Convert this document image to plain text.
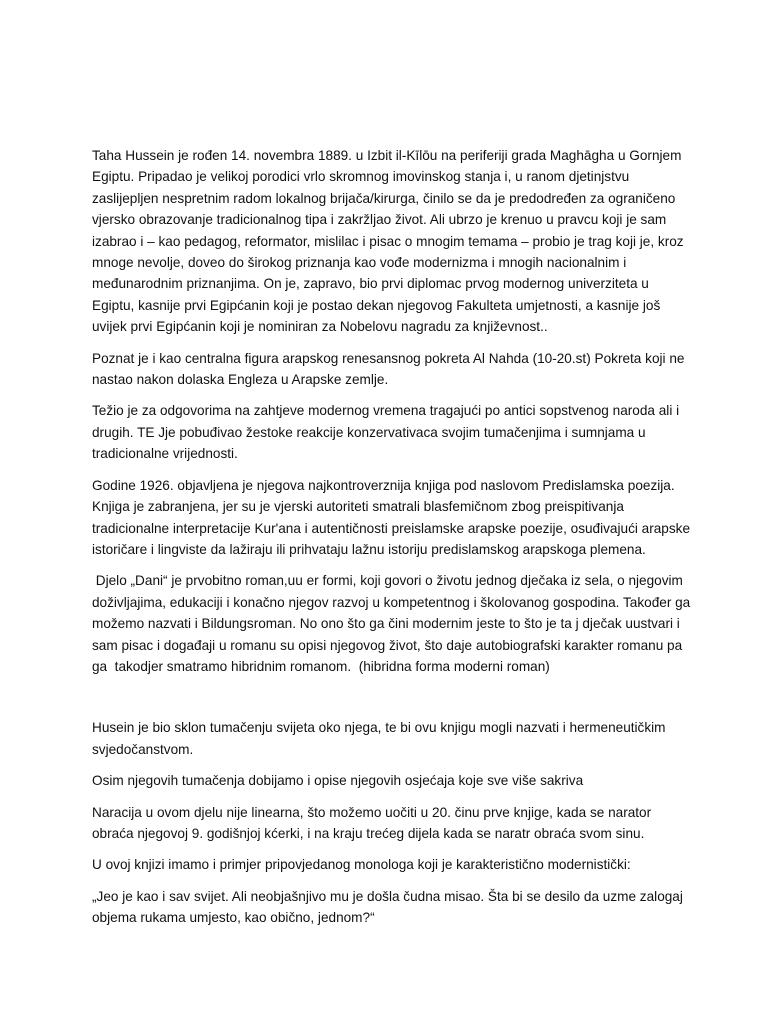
Taha Hussein je rođen 14. novembra 1889. u Izbit il-Kīlōu na periferiji grada Maghāgha u Gornjem Egiptu. Pripadao je velikoj porodici vrlo skromnog imovinskog stanja i, u ranom djetinjstvu zaslijepljen nespretnim radom lokalnog brijača/kirurga, činilo se da je predodređen za ograničeno vjersko obrazovanje tradicionalnog tipa i zakržljao život. Ali ubrzo je krenuo u pravcu koji je sam izabrao i – kao pedagog, reformator, mislilac i pisac o mnogim temama – probio je trag koji je, kroz mnoge nevolje, doveo do širokog priznanja kao vođe modernizma i mnogih nacionalnim i međunarodnim priznanjima. On je, zapravo, bio prvi diplomac prvog modernog univerziteta u Egiptu, kasnije prvi Egipćanin koji je postao dekan njegovog Fakulteta umjetnosti, a kasnije još uvijek prvi Egipćanin koji je nominiran za Nobelovu nagradu za književnost..

Poznat je i kao centralna figura arapskog renesansnog pokreta Al Nahda (10-20.st) Pokreta koji ne nastao nakon dolaska Engleza u Arapske zemlje.

Težio je za odgovorima na zahtjeve modernog vremena tragajući po antici sopstvenog naroda ali i drugih. TE Jje pobuđivao žestoke reakcije konzervativaca svojim tumačenjima i sumnjama u tradicionalne vrijednosti.

Godine 1926. objavljena je njegova najkontroverznija knjiga pod naslovom Predislamska poezija. Knjiga je zabranjena, jer su je vjerski autoriteti smatrali blasfemičnom zbog preispitivanja tradicionalne interpretacije Kur'ana i autentičnosti preislamske arapske poezije, osuđivajući arapske istoričare i lingviste da lažiraju ili prihvataju lažnu istoriju predislamskog arapskoga plemena.

Djelo „Dani“ je prvobitno roman,uu er formi, koji govori o životu jednog dječaka iz sela, o njegovim doživljajima, edukaciji i konačno njegov razvoj u kompetentnog i školovanog gospodina. Također ga možemo nazvati i Bildungsroman. No ono što ga čini modernim jeste to što je ta j dječak uustvari i sam pisac i događaji u romanu su opisi njegovog život, što daje autobiografski karakter romanu pa ga  takodjer smatramo hibridnim romanom.  (hibridna forma moderni roman)

Husein je bio sklon tumačenju svijeta oko njega, te bi ovu knjigu mogli nazvati i hermeneutičkim svjedočanstvom.

Osim njegovih tumačenja dobijamo i opise njegovih osjećaja koje sve više sakriva

Naracija u ovom djelu nije linearna, što možemo uočiti u 20. činu prve knjige, kada se narator obraća njegovoj 9. godišnjoj kćerki, i na kraju trećeg dijela kada se naratr obraća svom sinu.

U ovoj knjizi imamo i primjer pripovjedanog monologa koji je karakteristično modernistički:

„Jeo je kao i sav svijet. Ali neobjašnjivo mu je došla čudna misao. Šta bi se desilo da uzme zalogaj objema rukama umjesto, kao obično, jednom?“
